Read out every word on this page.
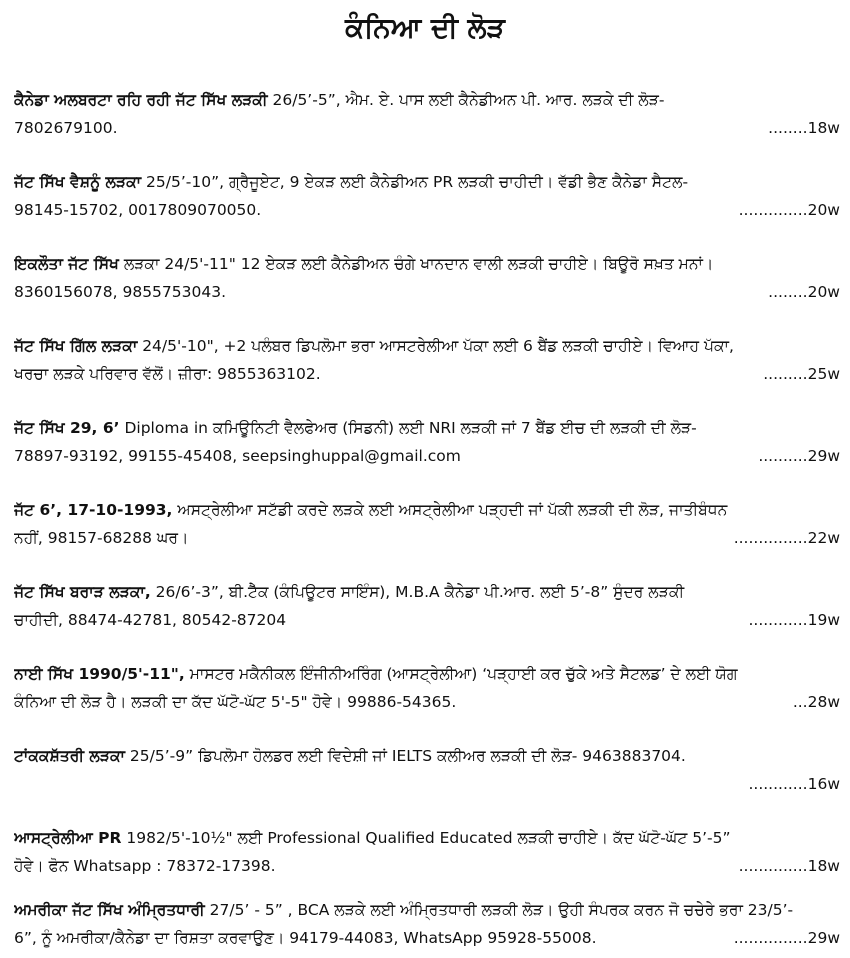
ਕੰਨਿਆ ਦੀ ਲੋੜ
ਕੈਨੇਡਾ ਅਲਬਰਟਾ ਰਹਿ ਰਹੀ ਜੱਟ ਸਿੱਖ ਲੜਕੀ 26/5’-5”, ਐਮ. ਏ. ਪਾਸ ਲਈ ਕੈਨੇਡੀਅਨ ਪੀ. ਆਰ. ਲੜਕੇ ਦੀ ਲੋੜ-
7802679100.	........18w
ਜੱਟ ਸਿੱਖ ਵੈਸ਼ਨੂੰ ਲੜਕਾ 25/5’-10”, ਗ੍ਰੈਜੂਏਟ, 9 ਏਕੜ ਲਈ ਕੈਨੇਡੀਅਨ PR ਲੜਕੀ ਚਾਹੀਦੀ। ਵੱਡੀ ਭੈਣ ਕੈਨੇਡਾ ਸੈਟਲ-
98145-15702, 0017809070050.	..............20w
ਇਕਲੌਤਾ ਜੱਟ ਸਿੱਖ ਲੜਕਾ 24/5'-11" 12 ਏਕੜ ਲਈ ਕੈਨੇਡੀਅਨ ਚੰਗੇ ਖਾਨਦਾਨ ਵਾਲੀ ਲੜਕੀ ਚਾਹੀਏ। ਬਿਊਰੋ ਸਖ਼ਤ ਮਨਾਂ।
8360156078, 9855753043.	........20w
ਜੱਟ ਸਿੱਖ ਗਿੱਲ ਲੜਕਾ 24/5'-10", +2 ਪਲੰਬਰ ਡਿਪਲੋਮਾ ਭਰਾ ਆਸਟਰੇਲੀਆ ਪੱਕਾ ਲਈ 6 ਬੈਂਡ ਲੜਕੀ ਚਾਹੀਏ। ਵਿਆਹ ਪੱਕਾ,
ਖਰਚਾ ਲੜਕੇ ਪਰਿਵਾਰ ਵੱਲੋਂ। ਜ਼ੀਰਾ: 9855363102.	.........25w
ਜੱਟ ਸਿੱਖ 29, 6’ Diploma in ਕਮਿਊਨਿਟੀ ਵੈਲਫੇਅਰ (ਸਿਡਨੀ) ਲਈ NRI ਲੜਕੀ ਜਾਂ 7 ਬੈਂਡ ਈਚ ਦੀ ਲੜਕੀ ਦੀ ਲੋੜ-
78897-93192, 99155-45408, seepsinghuppal@gmail.com	..........29w
ਜੱਟ 6’, 17-10-1993, ਅਸਟ੍ਰੇਲੀਆ ਸਟੱਡੀ ਕਰਦੇ ਲੜਕੇ ਲਈ ਅਸਟ੍ਰੇਲੀਆ ਪੜ੍ਹਦੀ ਜਾਂ ਪੱਕੀ ਲੜਕੀ ਦੀ ਲੋੜ, ਜਾਤੀਬੰਧਨ
ਨਹੀਂ, 98157-68288 ਘਰ।	...............22w
ਜੱਟ ਸਿੱਖ ਬਰਾੜ ਲੜਕਾ, 26/6’-3”, ਬੀ.ਟੈੱਕ (ਕੰਪਿਊਟਰ ਸਾਇੰਸ), M.B.A ਕੈਨੇਡਾ ਪੀ.ਆਰ. ਲਈ 5’-8” ਸੁੰਦਰ ਲੜਕੀ
ਚਾਹੀਦੀ, 88474-42781, 80542-87204	............19w
ਨਾਈ ਸਿੱਖ 1990/5'-11", ਮਾਸਟਰ ਮਕੈਨੀਕਲ ਇੰਜੀਨੀਅਰਿੰਗ (ਆਸਟ੍ਰੇਲੀਆ) ‘ਪੜ੍ਹਾਈ ਕਰ ਚੁੱਕੇ ਅਤੇ ਸੈਟਲਡ’ ਦੇ ਲਈ ਯੋਗ
ਕੰਨਿਆ ਦੀ ਲੋੜ ਹੈ। ਲੜਕੀ ਦਾ ਕੱਦ ਘੱਟੋ-ਘੱਟ 5'-5" ਹੋਵੇ। 99886-54365.	...28w
ਟਾਂਕਕਸ਼ੱਤਰੀ ਲੜਕਾ 25/5’-9” ਡਿਪਲੋਮਾ ਹੋਲਡਰ ਲਈ ਵਿਦੇਸ਼ੀ ਜਾਂ IELTS ਕਲੀਅਰ ਲੜਕੀ ਦੀ ਲੋੜ- 9463883704.
............16w
ਆਸਟ੍ਰੇਲੀਆ PR 1982/5'-10½" ਲਈ Professional Qualified Educated ਲੜਕੀ ਚਾਹੀਏ। ਕੱਦ ਘੱਟੋ-ਘੱਟ 5’-5”
ਹੋਵੇ। ਫੋਨ Whatsapp : 78372-17398.	..............18w
ਅਮਰੀਕਾ ਜੱਟ ਸਿੱਖ ਅੰਮ੍ਰਿਤਧਾਰੀ 27/5’ - 5” , BCA ਲੜਕੇ ਲਈ ਅੰਮ੍ਰਿਤਧਾਰੀ ਲੜਕੀ ਲੋੜ। ਉਹੀ ਸੰਪਰਕ ਕਰਨ ਜੋ ਚਚੇਰੇ ਭਰਾ 23/5’-
6”, ਨੂੰ ਅਮਰੀਕਾ/ਕੈਨੇਡਾ ਦਾ ਰਿਸ਼ਤਾ ਕਰਵਾਉਣ। 94179-44083, WhatsApp 95928-55008.	...............29w
